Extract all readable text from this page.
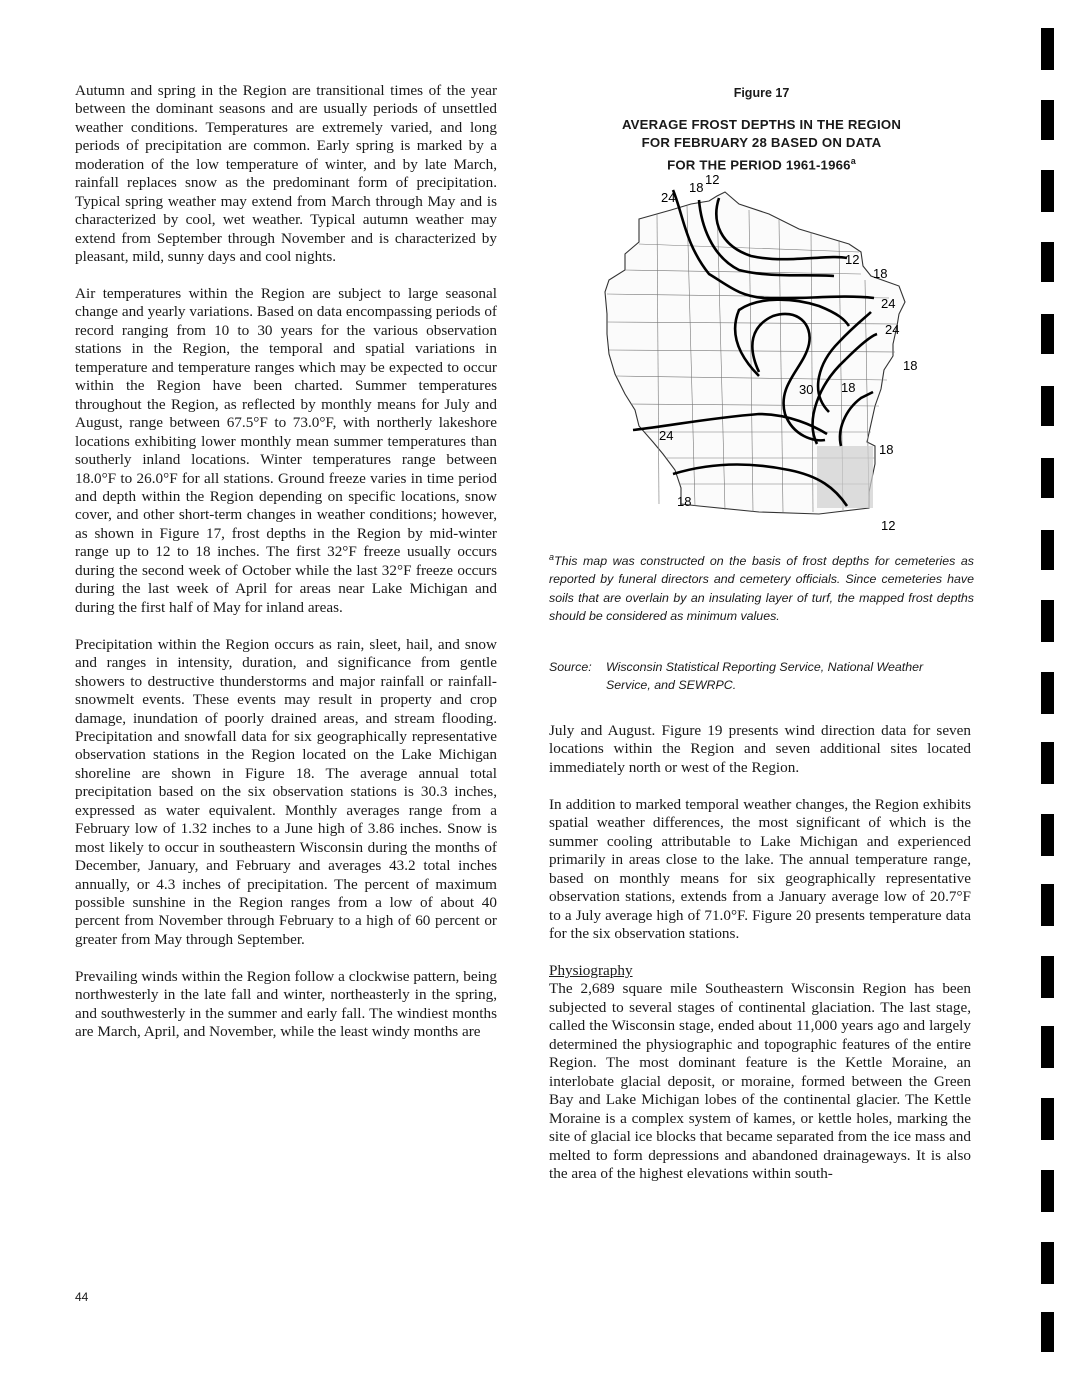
Autumn and spring in the Region are transitional times of the year between the dominant seasons and are usually periods of unsettled weather conditions. Temperatures are extremely varied, and long periods of precipitation are common. Early spring is marked by a moderation of the low temperature of winter, and by late March, rainfall replaces snow as the predominant form of precipitation. Typical spring weather may extend from March through May and is characterized by cool, wet weather. Typical autumn weather may extend from September through November and is characterized by pleasant, mild, sunny days and cool nights.

Air temperatures within the Region are subject to large seasonal change and yearly variations. Based on data encompassing periods of record ranging from 10 to 30 years for the various observation stations in the Region, the temporal and spatial variations in temperature and temperature ranges which may be expected to occur within the Region have been charted. Summer temperatures throughout the Region, as reflected by monthly means for July and August, range between 67.5°F to 73.0°F, with northerly lakeshore locations exhibiting lower monthly mean summer temperatures than southerly inland locations. Winter temperatures range between 18.0°F to 26.0°F for all stations. Ground freeze varies in time period and depth within the Region depending on specific locations, snow cover, and other short-term changes in weather conditions; however, as shown in Figure 17, frost depths in the Region by mid-winter range up to 12 to 18 inches. The first 32°F freeze usually occurs during the second week of October while the last 32°F freeze occurs during the last week of April for areas near Lake Michigan and during the first half of May for inland areas.

Precipitation within the Region occurs as rain, sleet, hail, and snow and ranges in intensity, duration, and significance from gentle showers to destructive thunderstorms and major rainfall or rainfall-snowmelt events. These events may result in property and crop damage, inundation of poorly drained areas, and stream flooding. Precipitation and snowfall data for six geographically representative observation stations in the Region located on the Lake Michigan shoreline are shown in Figure 18. The average annual total precipitation based on the six observation stations is 30.3 inches, expressed as water equivalent. Monthly averages range from a February low of 1.32 inches to a June high of 3.86 inches. Snow is most likely to occur in southeastern Wisconsin during the months of December, January, and February and averages 43.2 total inches annually, or 4.3 inches of precipitation. The percent of maximum possible sunshine in the Region ranges from a low of about 40 percent from November through February to a high of 60 percent or greater from May through September.

Prevailing winds within the Region follow a clockwise pattern, being northwesterly in the late fall and winter, northeasterly in the spring, and southwesterly in the summer and early fall. The windiest months are March, April, and November, while the least windy months are

Figure 17
AVERAGE FROST DEPTHS IN THE REGION
FOR FEBRUARY 28 BASED ON DATA
FOR THE PERIOD 1961-1966$^a$
12
18
24
12
18
24
24
18
30 18
24
18
18
12
$^a$This map was constructed on the basis of frost depths for cemeteries as reported by funeral directors and cemetery officials. Since cemeteries have soils that are overlain by an insulating layer of turf, the mapped frost depths should be considered as minimum values.
Source: Wisconsin Statistical Reporting Service, National Weather
Service, and SEWRPC.

July and August. Figure 19 presents wind direction data for seven locations within the Region and seven additional sites located immediately north or west of the Region.

In addition to marked temporal weather changes, the Region exhibits spatial weather differences, the most significant of which is the summer cooling attributable to Lake Michigan and experienced primarily in areas close to the lake. The annual temperature range, based on monthly means for six geographically representative observation stations, extends from a January average low of 20.7°F to a July average high of 71.0°F. Figure 20 presents temperature data for the six observation stations.

Physiography

The 2,689 square mile Southeastern Wisconsin Region has been subjected to several stages of continental glaciation. The last stage, called the Wisconsin stage, ended about 11,000 years ago and largely determined the physiographic and topographic features of the entire Region. The most dominant feature is the Kettle Moraine, an interlobate glacial deposit, or moraine, formed between the Green Bay and Lake Michigan lobes of the continental glacier. The Kettle Moraine is a complex system of kames, or kettle holes, marking the site of glacial ice blocks that became separated from the ice mass and melted to form depressions and abandoned drainageways. It is also the area of the highest elevations within south-

44
